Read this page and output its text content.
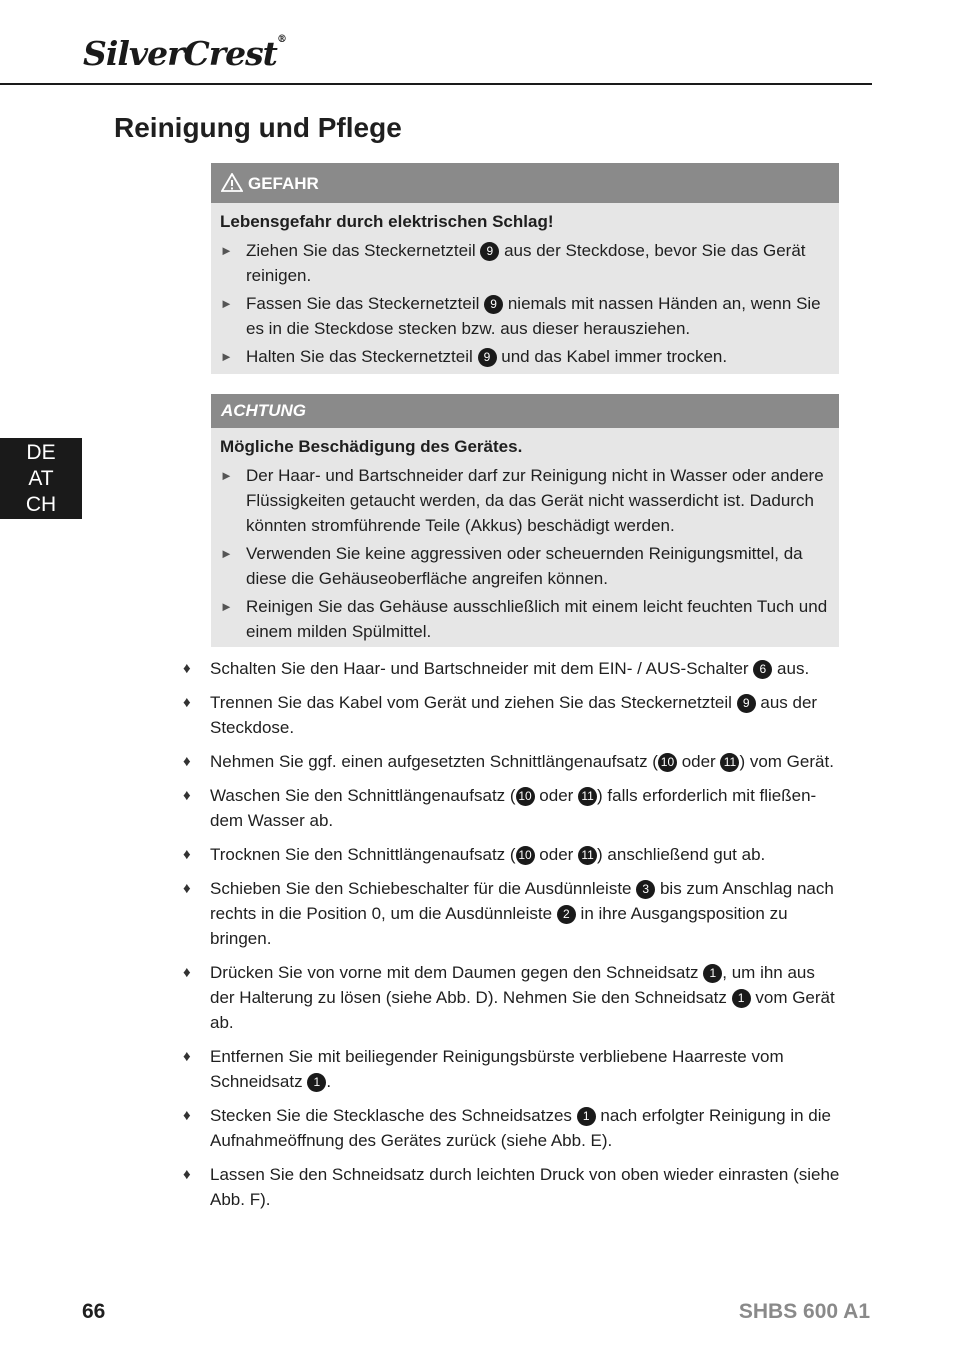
SilverCrest®
Reinigung und Pflege
DE
AT
CH
GEFAHR
Lebensgefahr durch elektrischen Schlag!
► Ziehen Sie das Steckernetzteil 9 aus der Steckdose, bevor Sie das Gerät reinigen.
► Fassen Sie das Steckernetzteil 9 niemals mit nassen Händen an, wenn Sie es in die Steckdose stecken bzw. aus dieser herausziehen.
► Halten Sie das Steckernetzteil 9 und das Kabel immer trocken.
ACHTUNG
Mögliche Beschädigung des Gerätes.
► Der Haar- und Bartschneider darf zur Reinigung nicht in Wasser oder andere Flüssigkeiten getaucht werden, da das Gerät nicht wasserdicht ist. Dadurch könnten stromführende Teile (Akkus) beschädigt werden.
► Verwenden Sie keine aggressiven oder scheuernden Reinigungsmittel, da diese die Gehäuseoberfläche angreifen können.
► Reinigen Sie das Gehäuse ausschließlich mit einem leicht feuchten Tuch und einem milden Spülmittel.
♦ Schalten Sie den Haar- und Bartschneider mit dem EIN- / AUS-Schalter 6 aus.
♦ Trennen Sie das Kabel vom Gerät und ziehen Sie das Steckernetzteil 9 aus der Steckdose.
♦ Nehmen Sie ggf. einen aufgesetzten Schnittlängenaufsatz ( 10 oder 11 ) vom Gerät.
♦ Waschen Sie den Schnittlängenaufsatz ( 10 oder 11 ) falls erforderlich mit fließen-dem Wasser ab.
♦ Trocknen Sie den Schnittlängenaufsatz ( 10 oder 11 ) anschließend gut ab.
♦ Schieben Sie den Schiebeschalter für die Ausdünnleiste 3 bis zum Anschlag nach rechts in die Position 0, um die Ausdünnleiste 2 in ihre Ausgangsposition zu bringen.
♦ Drücken Sie von vorne mit dem Daumen gegen den Schneidsatz 1 , um ihn aus der Halterung zu lösen (siehe Abb. D). Nehmen Sie den Schneidsatz 1 vom Gerät ab.
♦ Entfernen Sie mit beiliegender Reinigungsbürste verbliebene Haarreste vom Schneidsatz 1 .
♦ Stecken Sie die Stecklasche des Schneidsatzes 1 nach erfolgter Reinigung in die Aufnahmeöffnung des Gerätes zurück (siehe Abb. E).
♦ Lassen Sie den Schneidsatz durch leichten Druck von oben wieder einrasten (siehe Abb. F).
66	SHBS 600 A1
